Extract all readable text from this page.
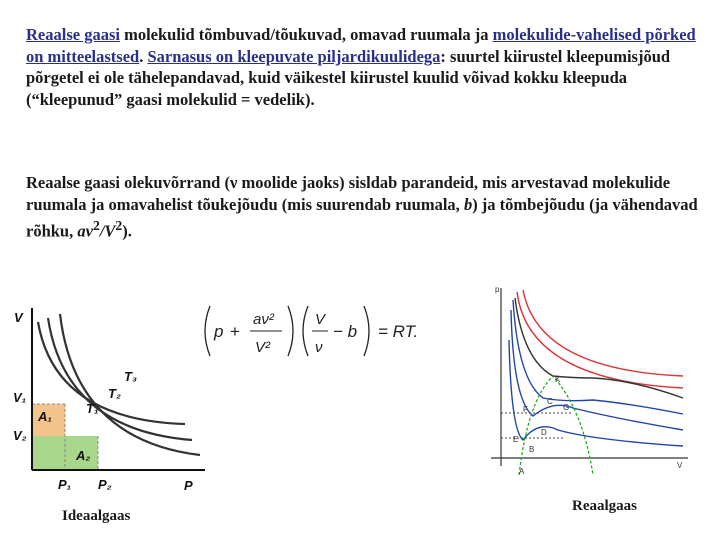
Reaalse gaasi molekulid tõmbuvad/tõukuvad, omavad ruumala ja molekulide-vahelised põrked on mitteelastsed. Sarnasus on kleepuvate piljardikuulidega: suurtel kiirustel kleepumisjõud põrgetel ei ole tähelepandavad, kuid väikestel kiirustel kuulid võivad kokku kleepuda (“kleepunud” gaasi molekulid = vedelik).
Reaalse gaasi olekuvõrrand (ν moolide jaoks) sisldab parandeid, mis arvestavad molekulide ruumala ja omavahelist tõukejõudu (mis suurendab ruumala, b) ja tõmbejõudu (ja vähendavad rõhku, $a\nu^2/V^2$).
p +
aν²
V²
V
ν
− b = RT.
V
P
V₁
V₂
P₁ P₂
T₁
T₂
T₃
A₁
A₂
p
V
K
F
C
G
E
D
B
A
Ideaalgaas
Reaalgaas
